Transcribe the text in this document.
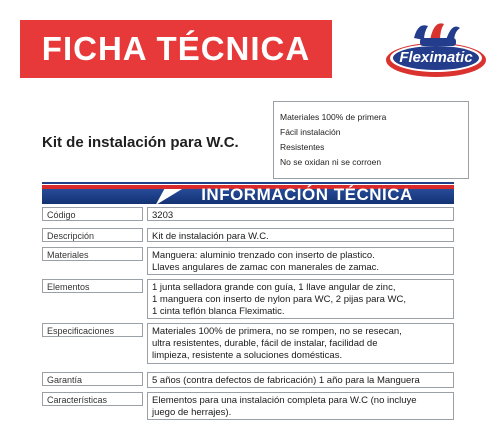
FICHA TÉCNICA	Fleximatic
Kit de instalación para W.C.
Materiales 100% de primera
Fácil instalación
Resistentes
No se oxidan ni se corroen
INFORMACIÓN TÉCNICA
Código	3203
Descripción	Kit de instalación para W.C.
Materiales	Manguera: aluminio trenzado con inserto de plastico.
Llaves angulares de zamac con manerales de zamac.
Elementos	1 junta selladora grande con guía, 1 llave angular de zinc,
1 manguera con inserto de nylon para WC, 2 pijas para WC,
1 cinta teflón blanca Fleximatic.
Especificaciones	Materiales 100% de primera, no se rompen, no se resecan,
ultra resistentes, durable, fácil de instalar, facilidad de
limpieza, resistente a soluciones domésticas.
Garantía	5 años (contra defectos de fabricación) 1 año para la Manguera
Características	Elementos para una instalación completa para W.C (no incluye
juego de herrajes).
